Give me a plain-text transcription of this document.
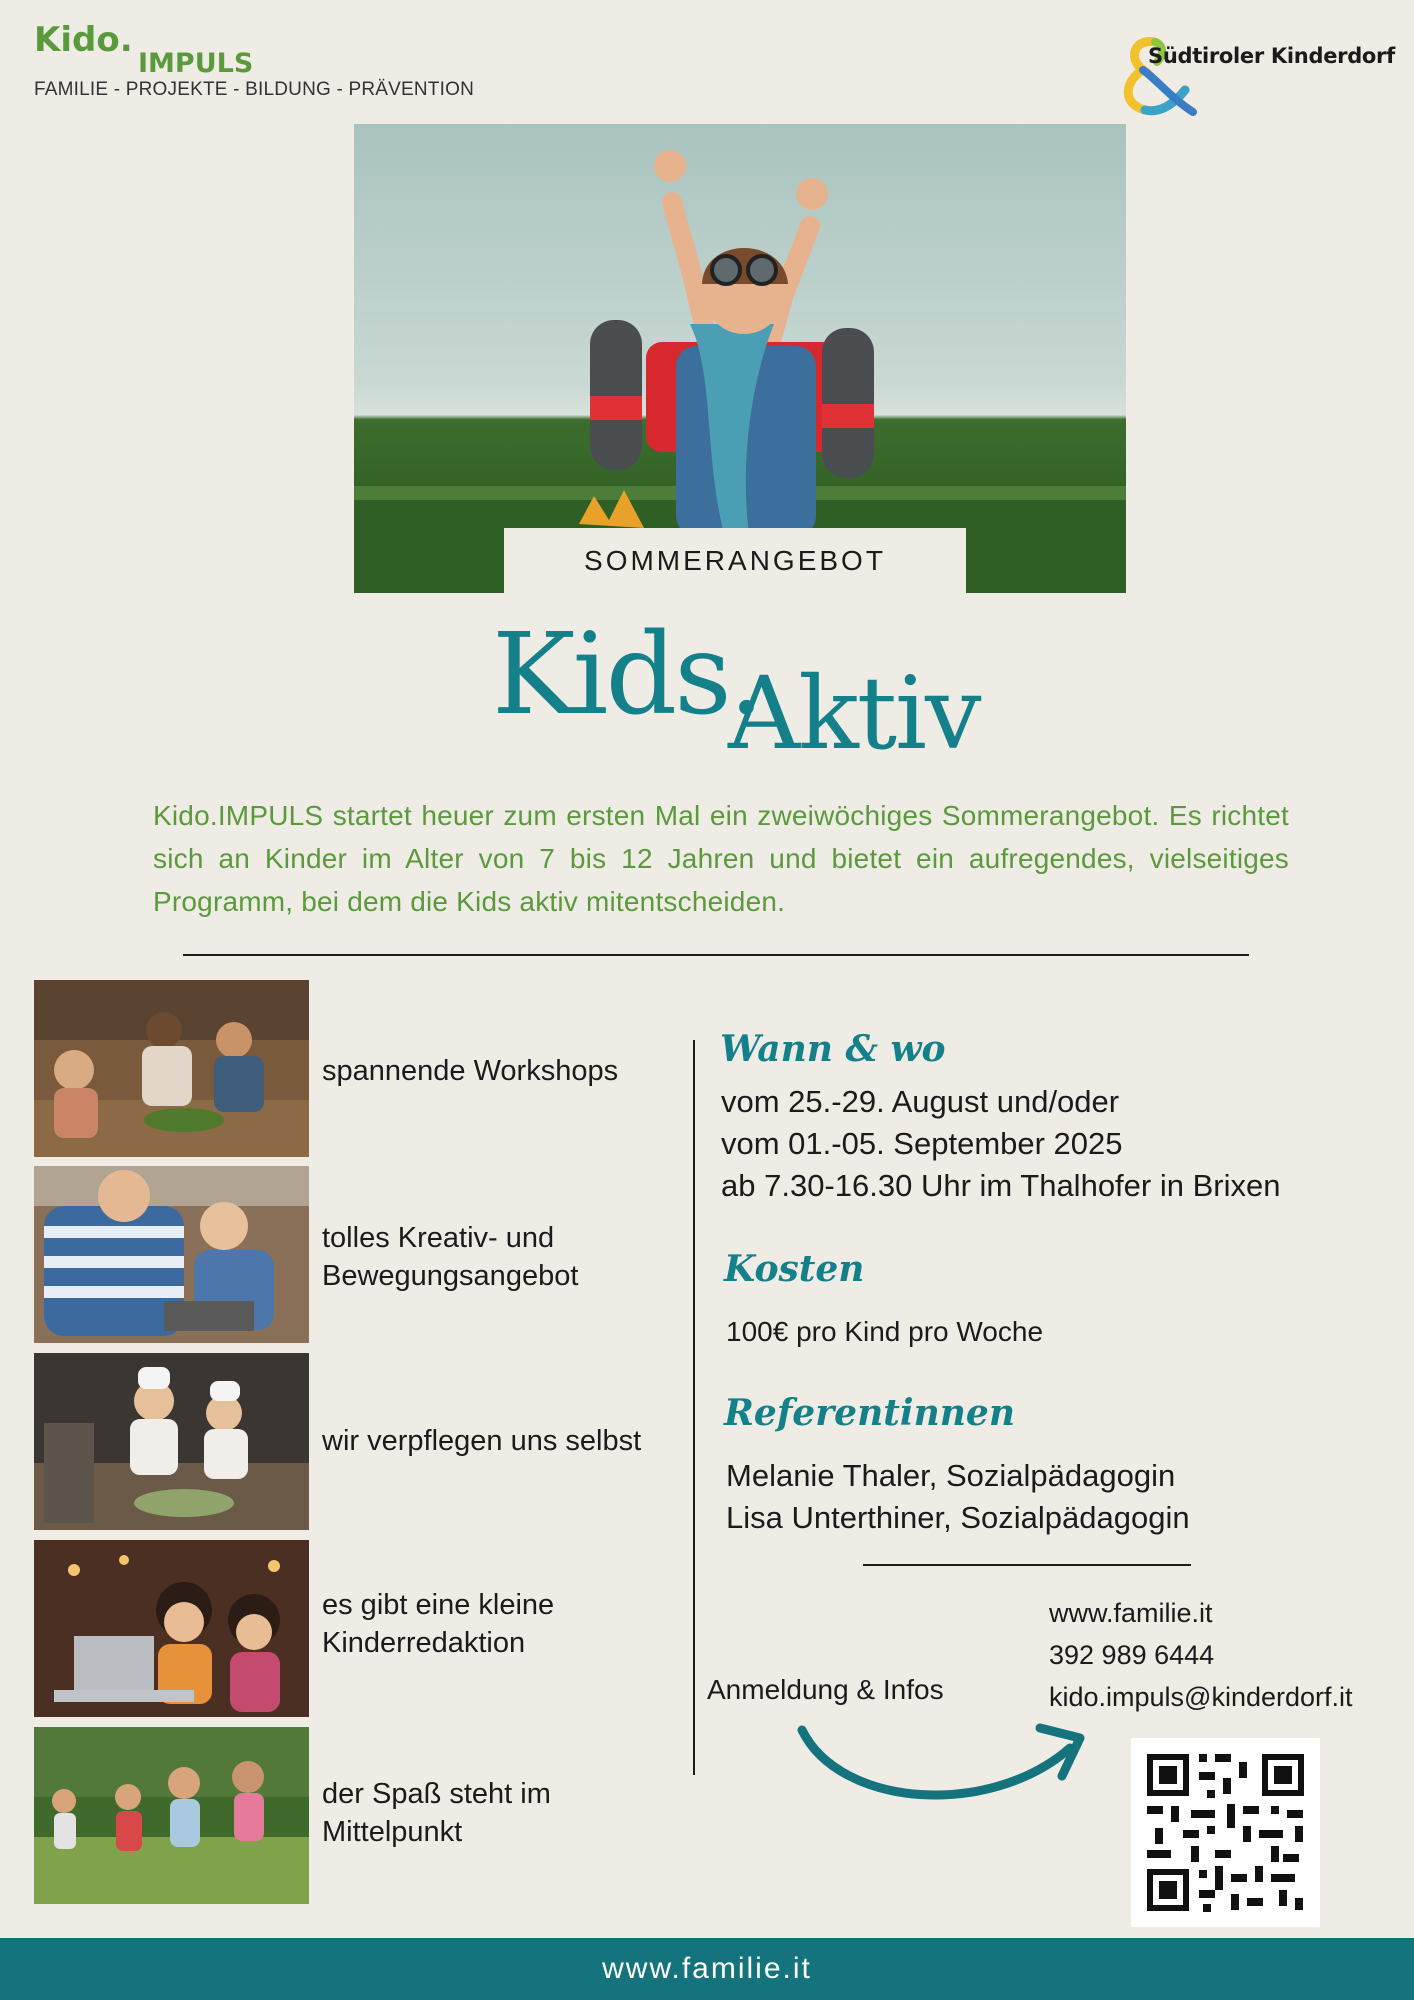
Kido.
IMPULS
FAMILIE - PROJEKTE - BILDUNG - PRÄVENTION
Südtiroler Kinderdorf
SOMMERANGEBOT
Kids.
Aktiv
Kido.IMPULS startet heuer zum ersten Mal ein zweiwöchiges Sommerangebot. Es richtet sich an Kinder im Alter von 7 bis 12 Jahren und bietet ein aufregendes, vielseitiges Programm, bei dem die Kids aktiv mitentscheiden.
spannende Workshops
tolles Kreativ- und
Bewegungsangebot
wir verpflegen uns selbst
es gibt eine kleine
Kinderredaktion
der Spaß steht im
Mittelpunkt
Wann & wo
vom 25.-29. August und/oder
vom 01.-05. September 2025
ab 7.30-16.30 Uhr im Thalhofer in Brixen
Kosten
100€ pro Kind pro Woche
Referentinnen
Melanie Thaler, Sozialpädagogin
Lisa Unterthiner, Sozialpädagogin
www.familie.it
392 989 6444
kido.impuls@kinderdorf.it
Anmeldung & Infos
www.familie.it
